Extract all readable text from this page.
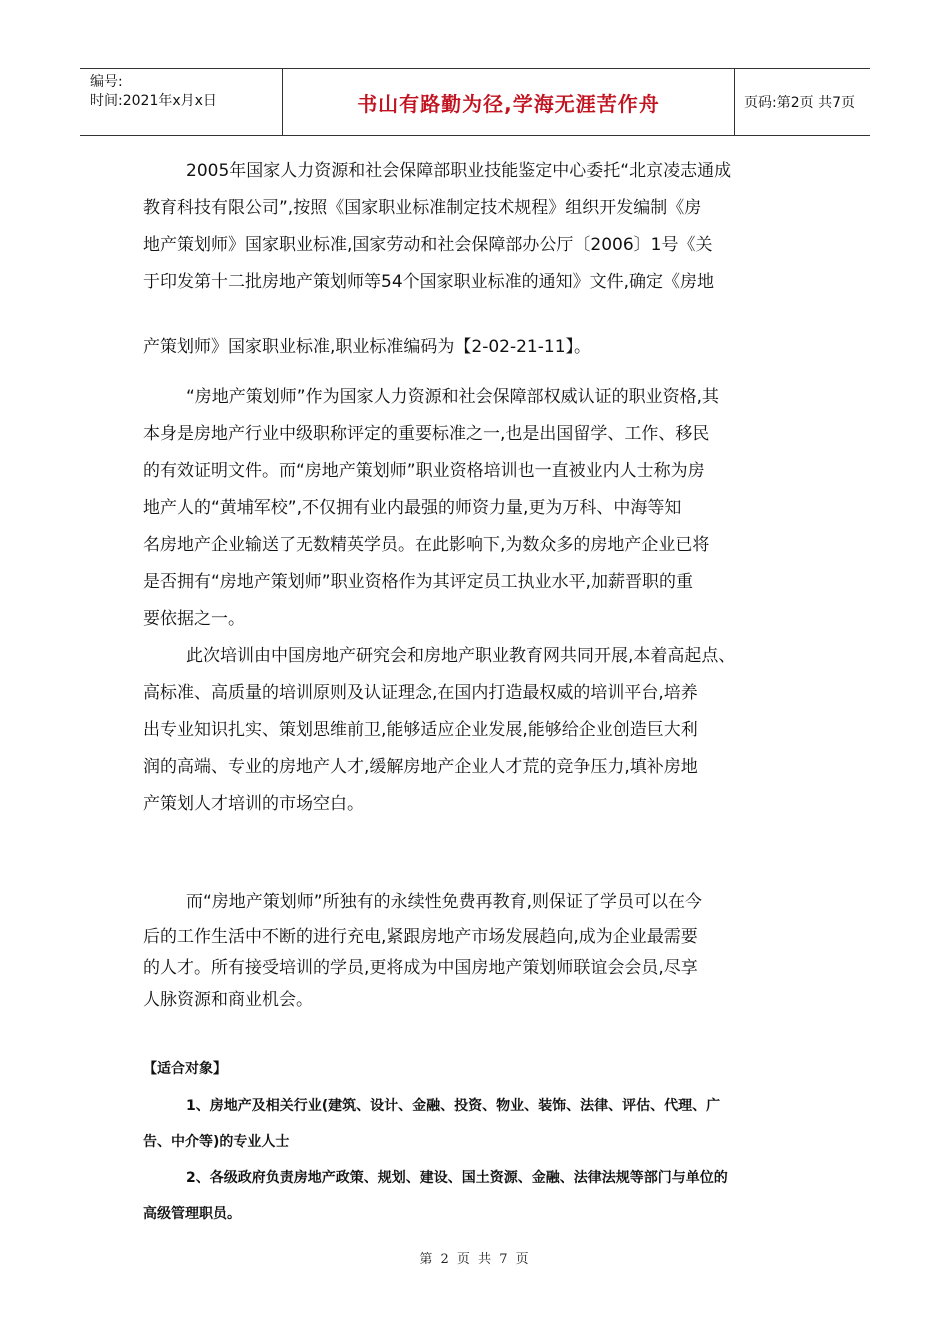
编号:
时间:2021年x月x日	书山有路勤为径,学海无涯苦作舟	页码:第2页 共7页
2005年国家人力资源和社会保障部职业技能鉴定中心委托“北京凌志通成
教育科技有限公司”,按照《国家职业标准制定技术规程》组织开发编制《房
地产策划师》国家职业标准,国家劳动和社会保障部办公厅〔2006〕1号《关
于印发第十二批房地产策划师等54个国家职业标准的通知》文件,确定《房地
产策划师》国家职业标准,职业标准编码为【2-02-21-11】。
“房地产策划师”作为国家人力资源和社会保障部权威认证的职业资格,其
本身是房地产行业中级职称评定的重要标准之一,也是出国留学、工作、移民
的有效证明文件。而“房地产策划师”职业资格培训也一直被业内人士称为房
地产人的“黄埔军校”,不仅拥有业内最强的师资力量,更为万科、中海等知
名房地产企业输送了无数精英学员。在此影响下,为数众多的房地产企业已将
是否拥有“房地产策划师”职业资格作为其评定员工执业水平,加薪晋职的重
要依据之一。
此次培训由中国房地产研究会和房地产职业教育网共同开展,本着高起点、
高标准、高质量的培训原则及认证理念,在国内打造最权威的培训平台,培养
出专业知识扎实、策划思维前卫,能够适应企业发展,能够给企业创造巨大利
润的高端、专业的房地产人才,缓解房地产企业人才荒的竞争压力,填补房地
产策划人才培训的市场空白。
而“房地产策划师”所独有的永续性免费再教育,则保证了学员可以在今
后的工作生活中不断的进行充电,紧跟房地产市场发展趋向,成为企业最需要
的人才。所有接受培训的学员,更将成为中国房地产策划师联谊会会员,尽享
人脉资源和商业机会。
【适合对象】
1、房地产及相关行业(建筑、设计、金融、投资、物业、装饰、法律、评估、代理、广
告、中介等)的专业人士
2、各级政府负责房地产政策、规划、建设、国土资源、金融、法律法规等部门与单位的
高级管理职员。
第 2 页 共 7 页
